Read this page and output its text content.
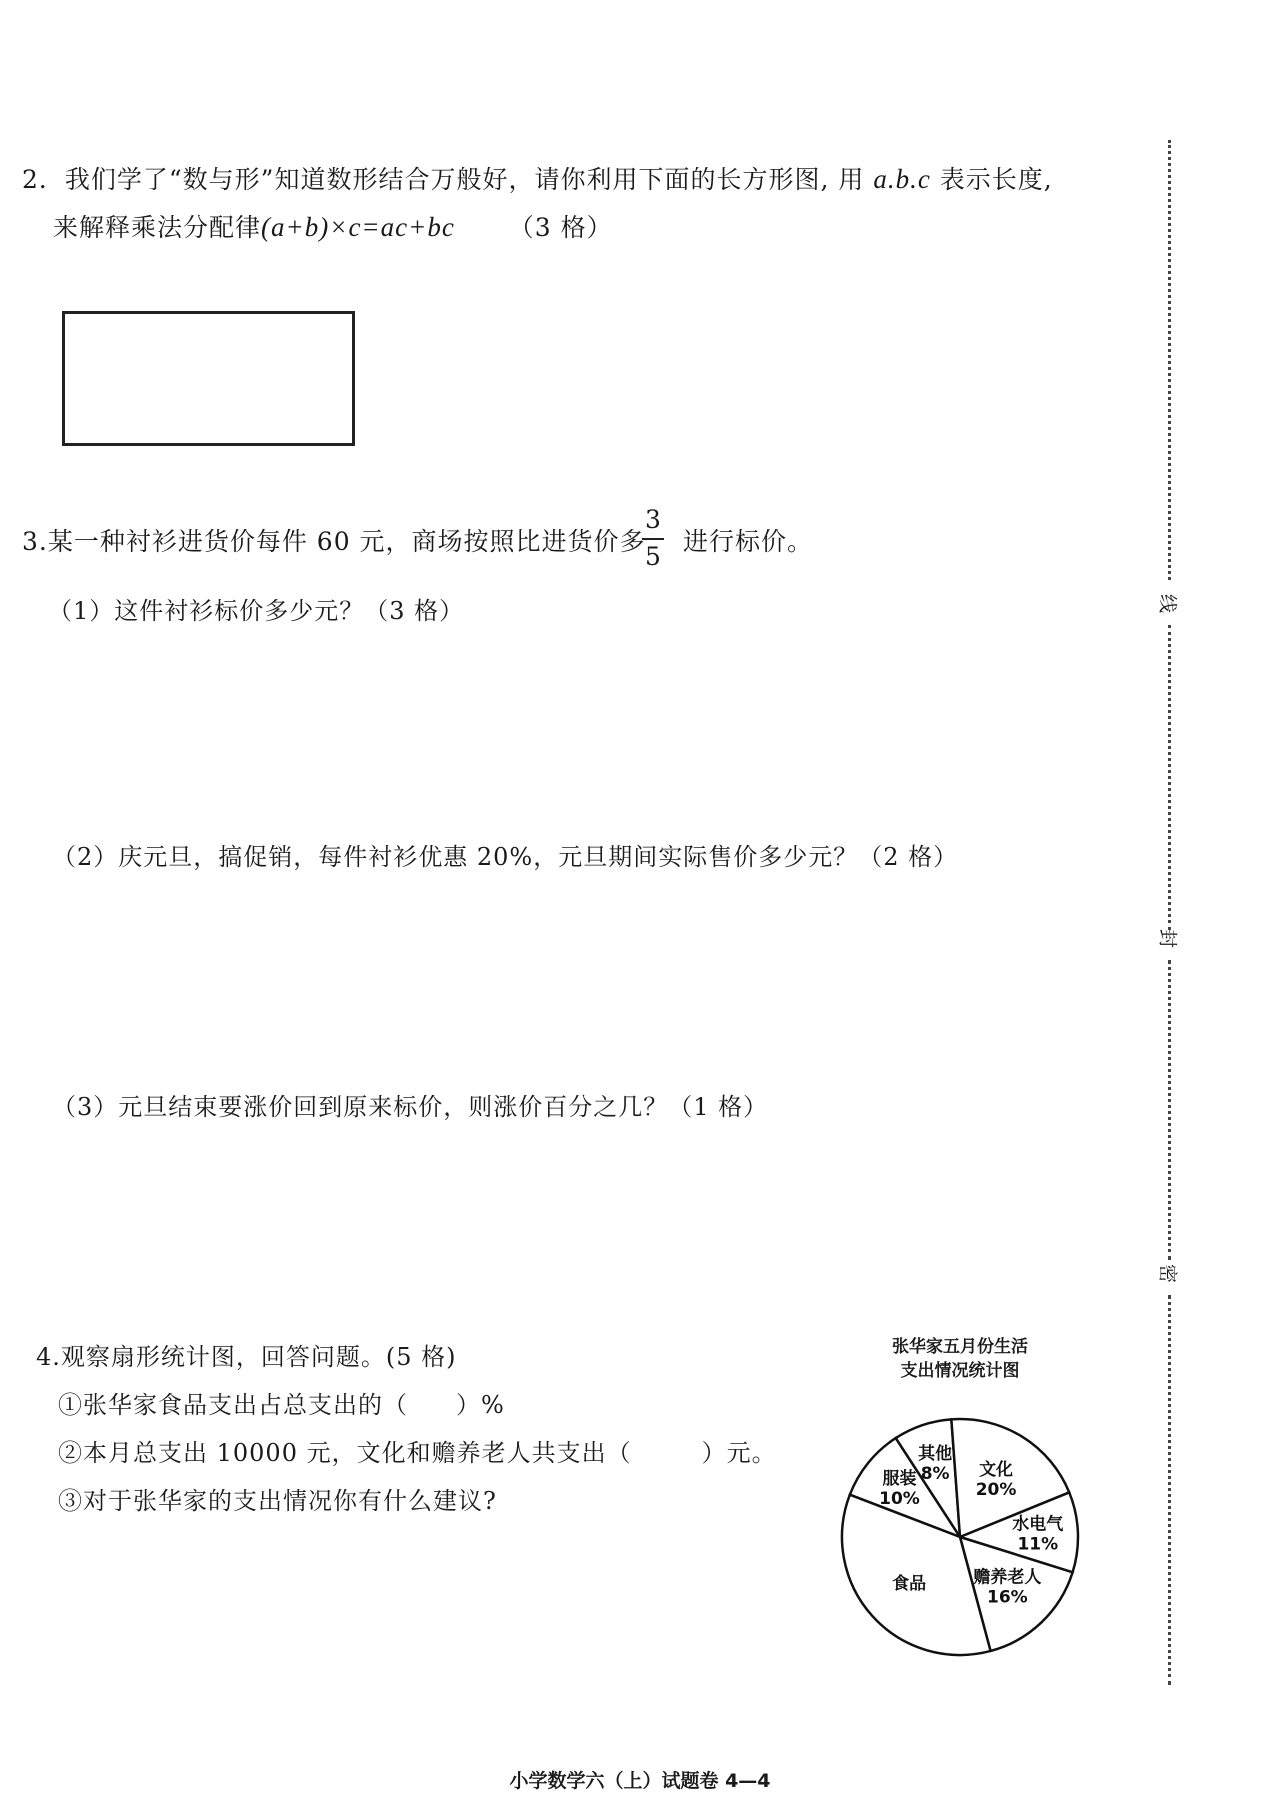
2．我们学了“数与形”知道数形结合万般好，请你利用下面的长方形图, 用 a.b.c 表示长度,
来解释乘法分配律(a+b)×c=ac+bc （3 格）
3.某一种衬衫进货价每件 60 元，商场按照比进货价多
3
5
进行标价。
（1）这件衬衫标价多少元？（3 格）
（2）庆元旦，搞促销，每件衬衫优惠 20%，元旦期间实际售价多少元？（2 格）
（3）元旦结束要涨价回到原来标价，则涨价百分之几？（1 格）
4.观察扇形统计图，回答问题。(5 格)
①张华家食品支出占总支出的（ ）%
②本月总支出 10000 元，文化和赡养老人共支出（	）元。
③对于张华家的支出情况你有什么建议?
张华家五月份生活
支出情况统计图
服装 10%
其他 8% 文化 20%
水电气 11%
赡养老人 16%
食品
线
封
密
小学数学六（上）试题卷 4—4
